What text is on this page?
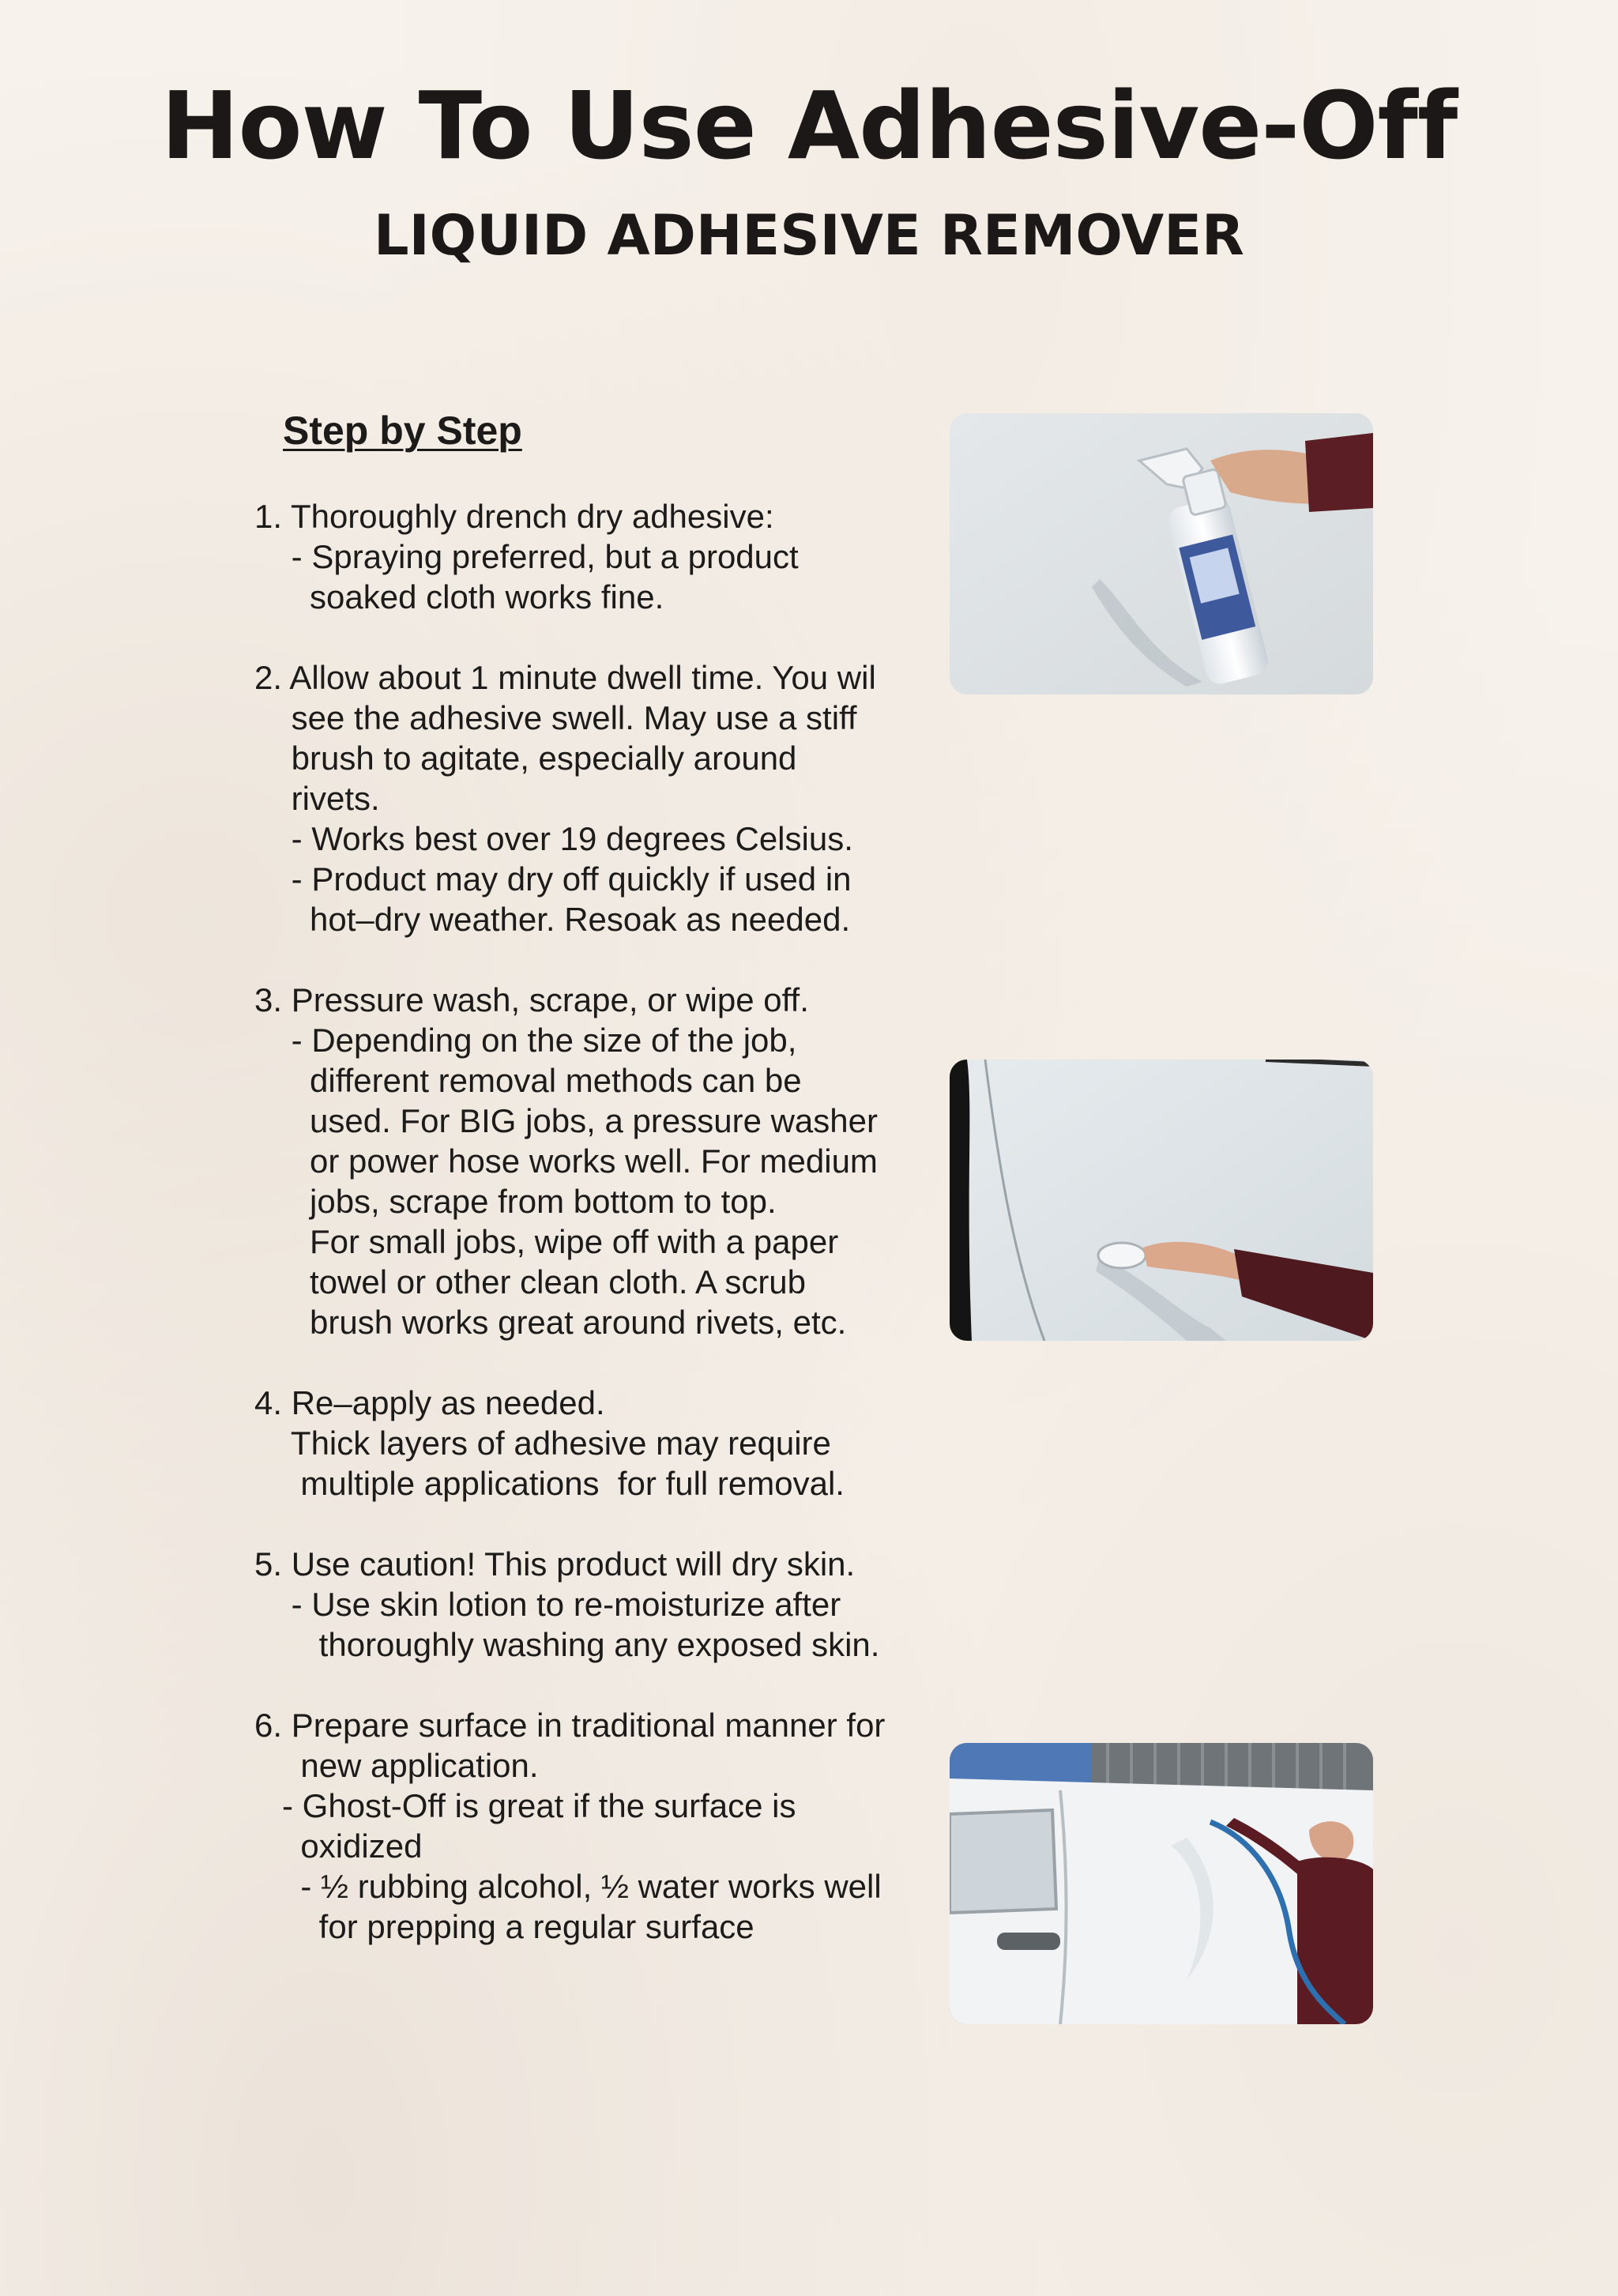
How To Use Adhesive-Off
LIQUID ADHESIVE REMOVER
Step by Step
1. Thoroughly drench dry adhesive:
- Spraying preferred, but a product
soaked cloth works fine.
2. Allow about 1 minute dwell time. You wil
see the adhesive swell. May use a stiff
brush to agitate, especially around
rivets.
- Works best over 19 degrees Celsius.
- Product may dry off quickly if used in
hot–dry weather. Resoak as needed.
3. Pressure wash, scrape, or wipe off.
- Depending on the size of the job,
different removal methods can be
used. For BIG jobs, a pressure washer
or power hose works well. For medium
jobs, scrape from bottom to top.
For small jobs, wipe off with a paper
towel or other clean cloth. A scrub
brush works great around rivets, etc.
4. Re–apply as needed.
Thick layers of adhesive may require
multiple applications  for full removal.
5. Use caution! This product will dry skin.
- Use skin lotion to re-moisturize after
thoroughly washing any exposed skin.
6. Prepare surface in traditional manner for
new application.
- Ghost-Off is great if the surface is
oxidized
- ½ rubbing alcohol, ½ water works well
for prepping a regular surface
